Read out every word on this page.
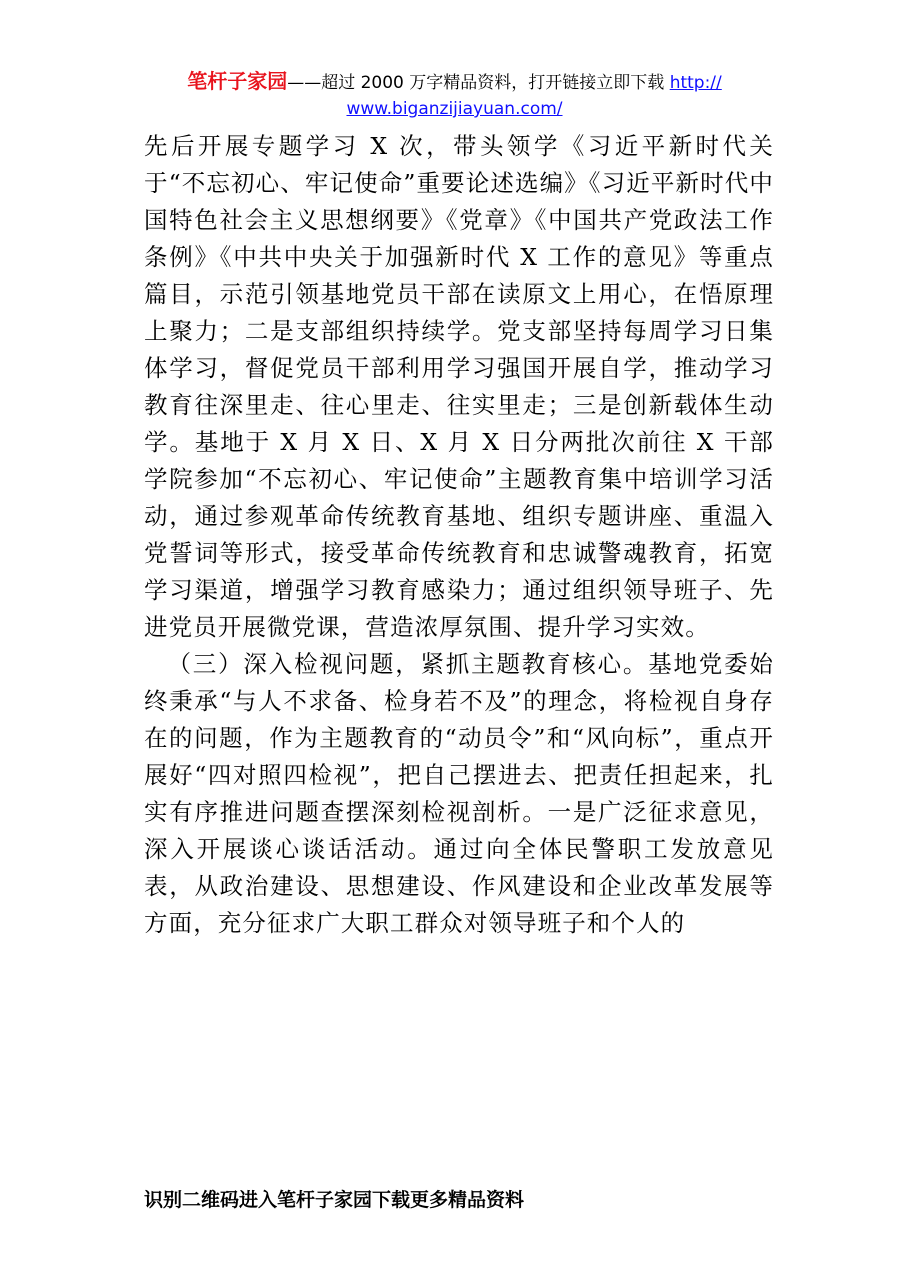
笔杆子家园——超过 2000 万字精品资料，打开链接立即下载 http://
www.biganzijiayuan.com/

先后开展专题学习 X 次，带头领学《习近平新时代关于“不忘初心、牢记使命”重要论述选编》《习近平新时代中国特色社会主义思想纲要》《党章》《中国共产党政法工作条例》《中共中央关于加强新时代 X 工作的意见》等重点篇目，示范引领基地党员干部在读原文上用心，在悟原理上聚力；二是支部组织持续学。党支部坚持每周学习日集体学习，督促党员干部利用学习强国开展自学，推动学习教育往深里走、往心里走、往实里走；三是创新载体生动学。基地于 X 月 X 日、X 月 X 日分两批次前往 X 干部学院参加“不忘初心、牢记使命”主题教育集中培训学习活动，通过参观革命传统教育基地、组织专题讲座、重温入党誓词等形式，接受革命传统教育和忠诚警魂教育，拓宽学习渠道，增强学习教育感染力；通过组织领导班子、先进党员开展微党课，营造浓厚氛围、提升学习实效。

（三）深入检视问题，紧抓主题教育核心。基地党委始终秉承“与人不求备、检身若不及”的理念，将检视自身存在的问题，作为主题教育的“动员令”和“风向标”，重点开展好“四对照四检视”，把自己摆进去、把责任担起来，扎实有序推进问题查摆深刻检视剖析。一是广泛征求意见，深入开展谈心谈话活动。通过向全体民警职工发放意见表，从政治建设、思想建设、作风建设和企业改革发展等方面，充分征求广大职工群众对领导班子和个人的

识别二维码进入笔杆子家园下载更多精品资料
